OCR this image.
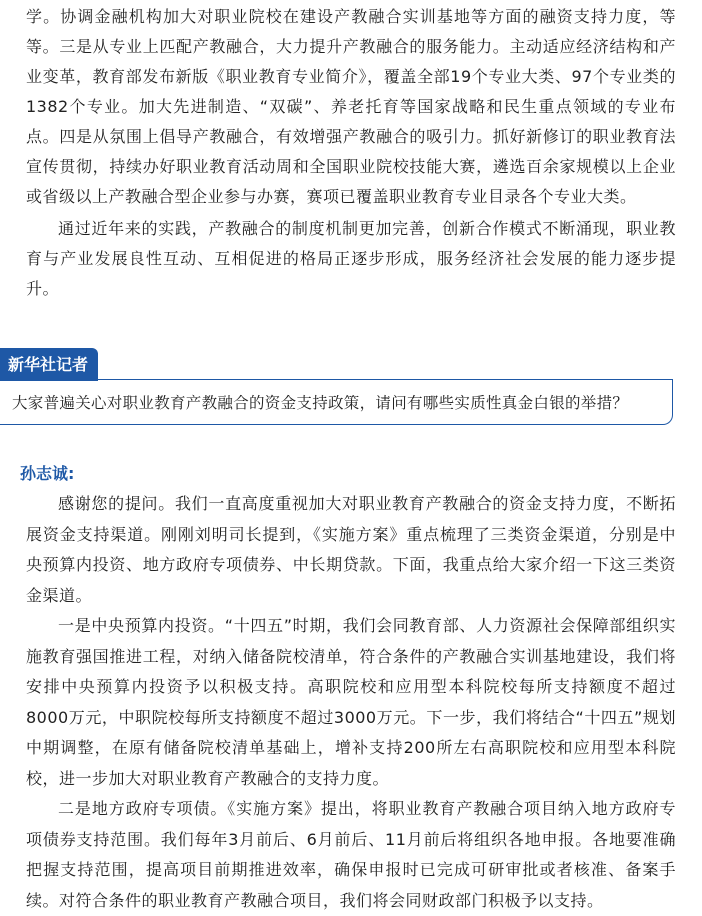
学。协调金融机构加大对职业院校在建设产教融合实训基地等方面的融资支持力度，等等。三是从专业上匹配产教融合，大力提升产教融合的服务能力。主动适应经济结构和产业变革，教育部发布新版《职业教育专业简介》，覆盖全部19个专业大类、97个专业类的1382个专业。加大先进制造、“双碳”、养老托育等国家战略和民生重点领域的专业布点。四是从氛围上倡导产教融合，有效增强产教融合的吸引力。抓好新修订的职业教育法宣传贯彻，持续办好职业教育活动周和全国职业院校技能大赛，遴选百余家规模以上企业或省级以上产教融合型企业参与办赛，赛项已覆盖职业教育专业目录各个专业大类。

通过近年来的实践，产教融合的制度机制更加完善，创新合作模式不断涌现，职业教育与产业发展良性互动、互相促进的格局正逐步形成，服务经济社会发展的能力逐步提升。

新华社记者
大家普遍关心对职业教育产教融合的资金支持政策，请问有哪些实质性真金白银的举措？
孙志诚:

感谢您的提问。我们一直高度重视加大对职业教育产教融合的资金支持力度，不断拓展资金支持渠道。刚刚刘明司长提到，《实施方案》重点梳理了三类资金渠道，分别是中央预算内投资、地方政府专项债券、中长期贷款。下面，我重点给大家介绍一下这三类资金渠道。

一是中央预算内投资。“十四五”时期，我们会同教育部、人力资源社会保障部组织实施教育强国推进工程，对纳入储备院校清单，符合条件的产教融合实训基地建设，我们将安排中央预算内投资予以积极支持。高职院校和应用型本科院校每所支持额度不超过8000万元，中职院校每所支持额度不超过3000万元。下一步，我们将结合“十四五”规划中期调整，在原有储备院校清单基础上，增补支持200所左右高职院校和应用型本科院校，进一步加大对职业教育产教融合的支持力度。

二是地方政府专项债。《实施方案》提出，将职业教育产教融合项目纳入地方政府专项债券支持范围。我们每年3月前后、6月前后、11月前后将组织各地申报。各地要准确把握支持范围，提高项目前期推进效率，确保申报时已完成可研审批或者核准、备案手续。对符合条件的职业教育产教融合项目，我们将会同财政部门积极予以支持。
